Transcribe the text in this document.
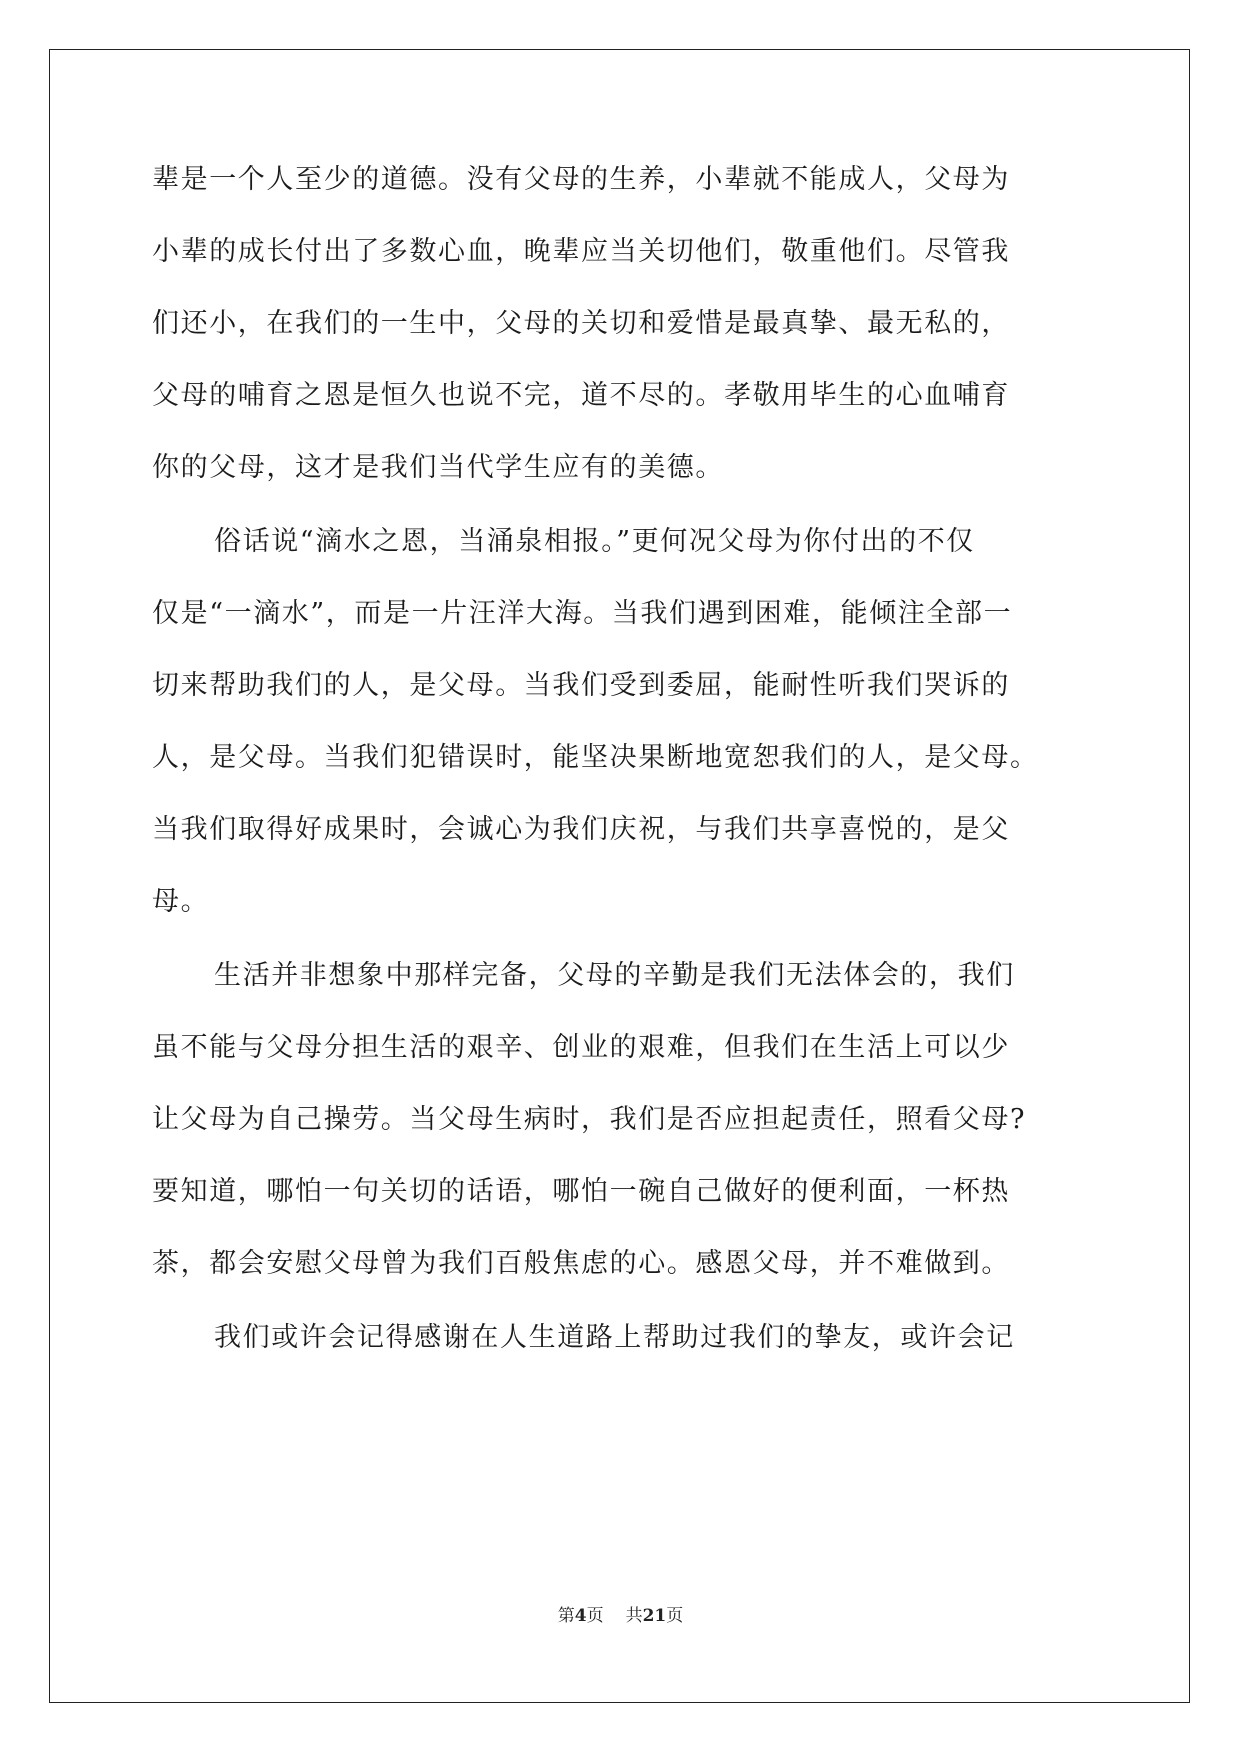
辈是一个人至少的道德。没有父母的生养，小辈就不能成人，父母为
小辈的成长付出了多数心血，晚辈应当关切他们，敬重他们。尽管我
们还小，在我们的一生中，父母的关切和爱惜是最真挚、最无私的，
父母的哺育之恩是恒久也说不完，道不尽的。孝敬用毕生的心血哺育
你的父母，这才是我们当代学生应有的美德。
俗话说“滴水之恩，当涌泉相报。”更何况父母为你付出的不仅
仅是“一滴水”，而是一片汪洋大海。当我们遇到困难，能倾注全部一
切来帮助我们的人，是父母。当我们受到委屈，能耐性听我们哭诉的
人，是父母。当我们犯错误时，能坚决果断地宽恕我们的人，是父母。
当我们取得好成果时，会诚心为我们庆祝，与我们共享喜悦的，是父
母。
生活并非想象中那样完备，父母的辛勤是我们无法体会的，我们
虽不能与父母分担生活的艰辛、创业的艰难，但我们在生活上可以少
让父母为自己操劳。当父母生病时，我们是否应担起责任，照看父母?
要知道，哪怕一句关切的话语，哪怕一碗自己做好的便利面，一杯热
茶，都会安慰父母曾为我们百般焦虑的心。感恩父母，并不难做到。
我们或许会记得感谢在人生道路上帮助过我们的挚友，或许会记
第4页 共21页
